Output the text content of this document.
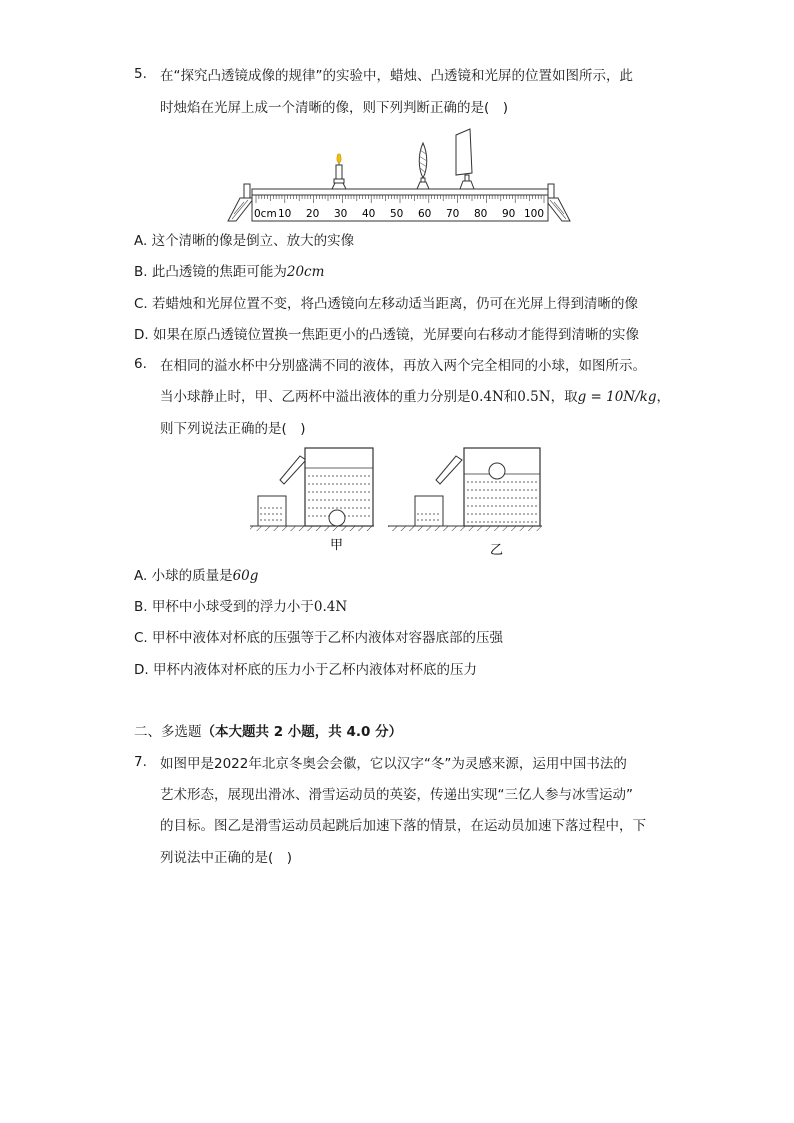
5. 在“探究凸透镜成像的规律”的实验中，蜡烛、凸透镜和光屏的位置如图所示，此
时烛焰在光屏上成一个清晰的像，则下列判断正确的是(　)
0cm 10 20 30 40 50 60 70 80 90 100
A. 这个清晰的像是倒立、放大的实像
B. 此凸透镜的焦距可能为20cm
C. 若蜡烛和光屏位置不变，将凸透镜向左移动适当距离，仍可在光屏上得到清晰的像
D. 如果在原凸透镜位置换一焦距更小的凸透镜，光屏要向右移动才能得到清晰的实像
6. 在相同的溢水杯中分别盛满不同的液体，再放入两个完全相同的小球，如图所示。
当小球静止时，甲、乙两杯中溢出液体的重力分别是0.4N和0.5N，取g = 10N/kg，
则下列说法正确的是(　)
甲	乙
A. 小球的质量是60g
B. 甲杯中小球受到的浮力小于0.4N
C. 甲杯中液体对杯底的压强等于乙杯内液体对容器底部的压强
D. 甲杯内液体对杯底的压力小于乙杯内液体对杯底的压力
二、多选题（本大题共 2 小题，共 4.0 分）
7. 如图甲是2022年北京冬奥会会徽，它以汉字“冬”为灵感来源，运用中国书法的
艺术形态，展现出滑冰、滑雪运动员的英姿，传递出实现“三亿人参与冰雪运动”
的目标。图乙是滑雪运动员起跳后加速下落的情景，在运动员加速下落过程中，下
列说法中正确的是(　)
